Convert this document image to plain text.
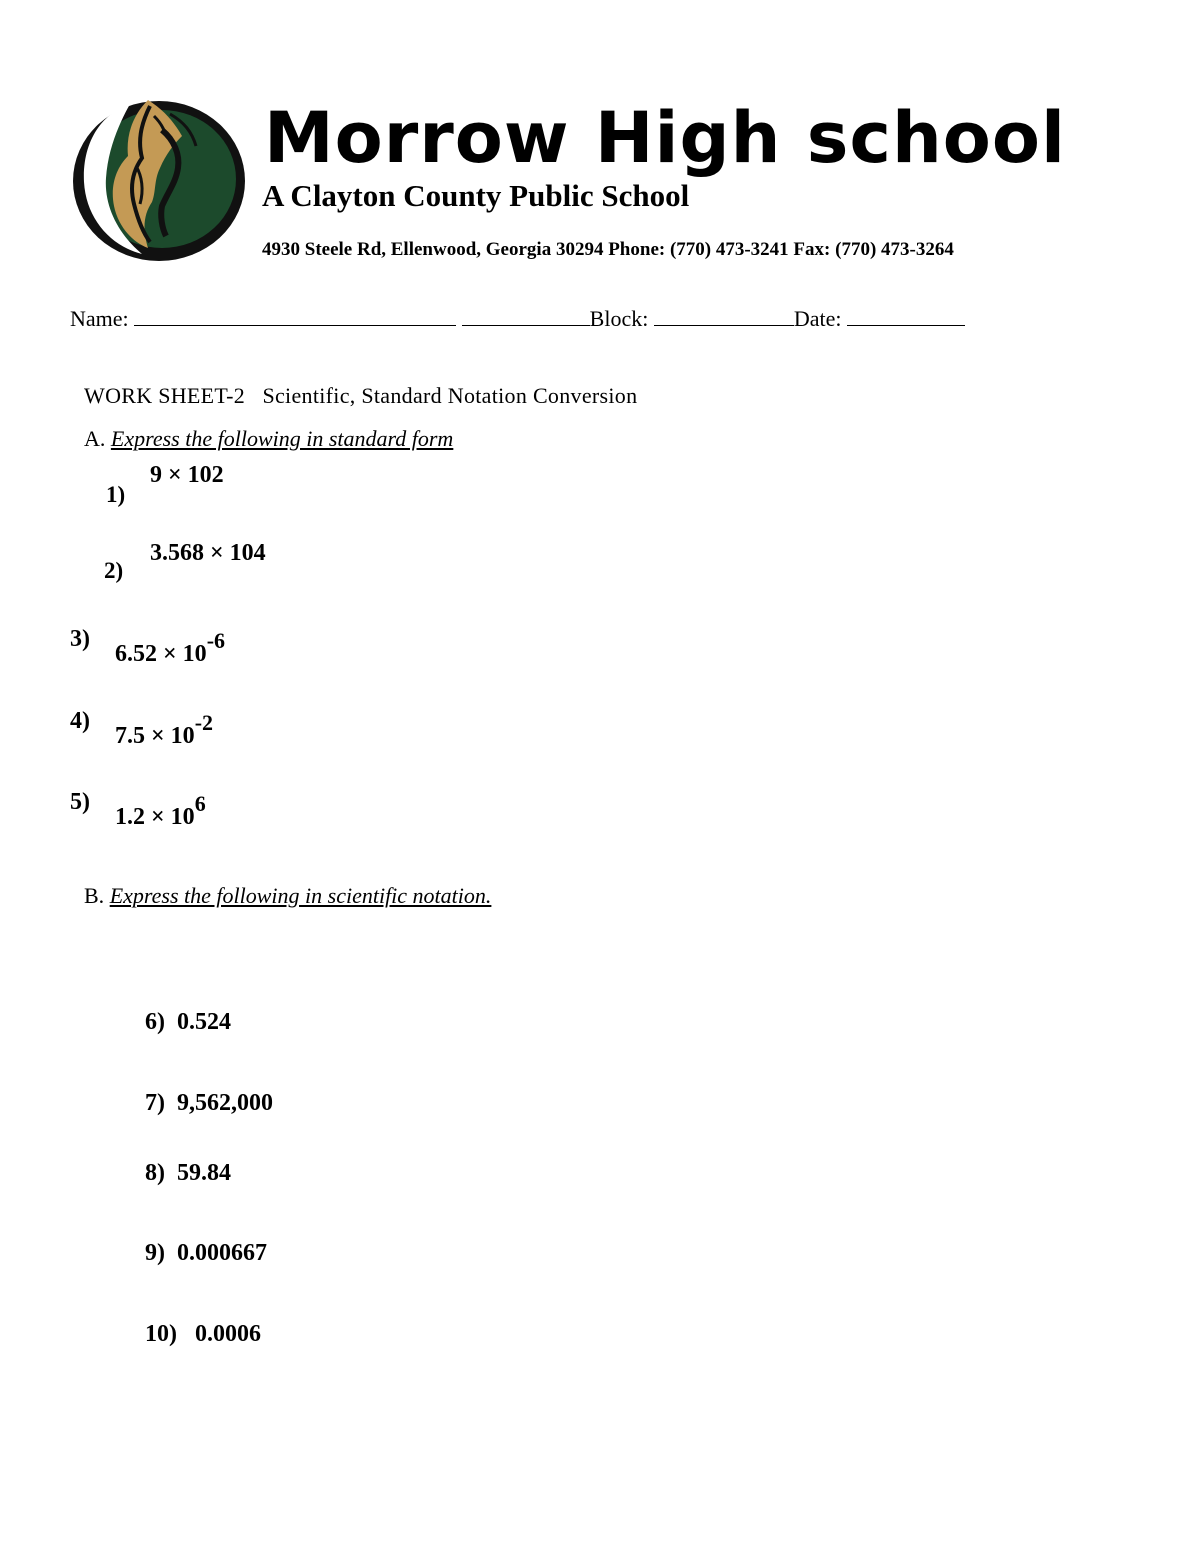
Morrow High school
A Clayton County Public School
4930 Steele Rd, Ellenwood, Georgia 30294 Phone: (770) 473-3241 Fax: (770) 473-3264
Name:	Block:	Date:
WORK SHEET-2   Scientific, Standard Notation Conversion
A. Express the following in standard form
1)
9 × 102
2)
3.568 × 104
3)
$6.52 \times 10^{-6}$
4)
$7.5 \times 10^{-2}$
5)
$1.2 \times 10^6$
B. Express the following in scientific notation.
6) 0.524
7) 9,562,000
8) 59.84
9) 0.000667
10) 0.0006
